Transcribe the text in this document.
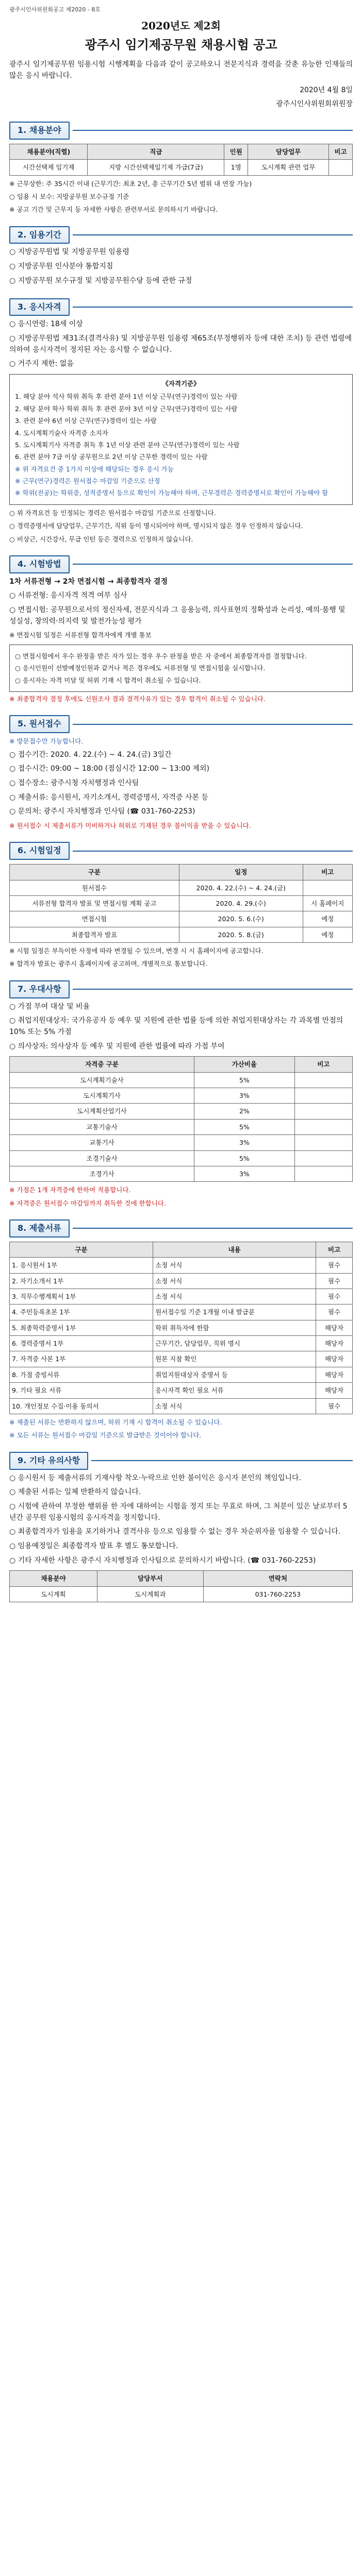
광주시인사위원회공고 제2020 - 8호
2020년도 제2회
광주시 임기제공무원 채용시험 공고
광주시 임기제공무원 임용시험 시행계획을 다음과 같이 공고하오니 전문지식과 경력을 갖춘 유능한 인재들의 많은 응시 바랍니다.
2020년 4월 8일
광주시인사위원회위원장
1. 채용분야
채용분야(직렬)	직급	인원	담당업무	비고
시간선택제 임기제	지방 시간선택제임기제 가급(7급)	1명	도시계획 관련 업무	

※ 근무상한: 주 35시간 이내 (근무기간: 최초 2년, 총 근무기간 5년 범위 내 연장 가능)

○ 임용 시 보수: 지방공무원 보수규정 기준

※ 공고 기간 및 근무지 등 자세한 사항은 관련부서로 문의하시기 바랍니다.

2. 임용기간

○ 지방공무원법 및 지방공무원 임용령

○ 지방공무원 인사분야 통합지침

○ 지방공무원 보수규정 및 지방공무원수당 등에 관한 규정

3. 응시자격

○ 응시연령: 18세 이상

○ 지방공무원법 제31조(결격사유) 및 지방공무원 임용령 제65조(부정행위자 등에 대한 조치) 등 관련 법령에 의하여 응시자격이 정지된 자는 응시할 수 없습니다.

○ 거주지 제한: 없음

《자격기준》

1. 해당 분야 석사 학위 취득 후 관련 분야 1년 이상 근무(연구)경력이 있는 사람

2. 해당 분야 학사 학위 취득 후 관련 분야 3년 이상 근무(연구)경력이 있는 사람

3. 관련 분야 6년 이상 근무(연구)경력이 있는 사람

4. 도시계획기술사 자격증 소지자

5. 도시계획기사 자격증 취득 후 1년 이상 관련 분야 근무(연구)경력이 있는 사람

6. 관련 분야 7급 이상 공무원으로 2년 이상 근무한 경력이 있는 사람

※ 위 자격요건 중 1가지 이상에 해당되는 경우 응시 가능

※ 근무(연구)경력은 원서접수 마감일 기준으로 산정

※ 학위(전공)는 학위증, 성적증명서 등으로 확인이 가능해야 하며, 근무경력은 경력증명서로 확인이 가능해야 함

○ 위 자격요건 등 인정되는 경력은 원서접수 마감일 기준으로 산정합니다.

○ 경력증명서에 담당업무, 근무기간, 직위 등이 명시되어야 하며, 명시되지 않은 경우 인정하지 않습니다.

○ 비상근, 시간강사, 무급 인턴 등은 경력으로 인정하지 않습니다.

4. 시험방법

1차 서류전형 → 2차 면접시험 → 최종합격자 결정

○ 서류전형: 응시자격 적격 여부 심사

○ 면접시험: 공무원으로서의 정신자세, 전문지식과 그 응용능력, 의사표현의 정확성과 논리성, 예의·품행 및 성실성, 창의력·의지력 및 발전가능성 평가

※ 면접시험 일정은 서류전형 합격자에게 개별 통보

○ 면접시험에서 우수 판정을 받은 자가 있는 경우 우수 판정을 받은 자 중에서 최종합격자를 결정합니다.

○ 응시인원이 선발예정인원과 같거나 적은 경우에도 서류전형 및 면접시험을 실시합니다.

○ 응시자는 자격 미달 및 허위 기재 시 합격이 취소될 수 있습니다.

※ 최종합격자 결정 후에도 신원조사 결과 결격사유가 있는 경우 합격이 취소될 수 있습니다.

5. 원서접수

※ 방문접수만 가능합니다.

○ 접수기간: 2020. 4. 22.(수) ~ 4. 24.(금) 3일간

○ 접수시간: 09:00 ~ 18:00 (점심시간 12:00 ~ 13:00 제외)

○ 접수장소: 광주시청 자치행정과 인사팀

○ 제출서류: 응시원서, 자기소개서, 경력증명서, 자격증 사본 등

○ 문의처: 광주시 자치행정과 인사팀 (☎ 031-760-2253)

※ 원서접수 시 제출서류가 미비하거나 허위로 기재된 경우 불이익을 받을 수 있습니다.

6. 시험일정
구분	일정	비고
원서접수	2020. 4. 22.(수) ~ 4. 24.(금)	
서류전형 합격자 발표 및 면접시험 계획 공고	2020. 4. 29.(수)	시 홈페이지
면접시험	2020. 5. 6.(수)	예정
최종합격자 발표	2020. 5. 8.(금)	예정

※ 시험 일정은 부득이한 사정에 따라 변경될 수 있으며, 변경 시 시 홈페이지에 공고합니다.

※ 합격자 발표는 광주시 홈페이지에 공고하며, 개별적으로 통보합니다.

7. 우대사항

○ 가점 부여 대상 및 비율

○ 취업지원대상자: 국가유공자 등 예우 및 지원에 관한 법률 등에 의한 취업지원대상자는 각 과목별 만점의 10% 또는 5% 가점

○ 의사상자: 의사상자 등 예우 및 지원에 관한 법률에 따라 가점 부여

자격증 구분	가산비율	비고
도시계획기술사	5%	
도시계획기사	3%	
도시계획산업기사	2%	
교통기술사	5%	
교통기사	3%	
조경기술사	5%	
조경기사	3%	

※ 가점은 1개 자격증에 한하여 적용합니다.

※ 자격증은 원서접수 마감일까지 취득한 것에 한합니다.

8. 제출서류
구분	내용	비고
1. 응시원서 1부	소정 서식	필수
2. 자기소개서 1부	소정 서식	필수
3. 직무수행계획서 1부	소정 서식	필수
4. 주민등록초본 1부	원서접수일 기준 1개월 이내 발급분	필수
5. 최종학력증명서 1부	학위 취득자에 한함	해당자
6. 경력증명서 1부	근무기간, 담당업무, 직위 명시	해당자
7. 자격증 사본 1부	원본 지참 확인	해당자
8. 가점 증빙서류	취업지원대상자 증명서 등	해당자
9. 기타 필요 서류	응시자격 확인 필요 서류	해당자
10. 개인정보 수집·이용 동의서	소정 서식	필수

※ 제출된 서류는 반환하지 않으며, 허위 기재 시 합격이 취소될 수 있습니다.

※ 모든 서류는 원서접수 마감일 기준으로 발급받은 것이어야 합니다.

9. 기타 유의사항

○ 응시원서 등 제출서류의 기재사항 착오·누락으로 인한 불이익은 응시자 본인의 책임입니다.

○ 제출된 서류는 일체 반환하지 않습니다.

○ 시험에 관하여 부정한 행위를 한 자에 대하여는 시험을 정지 또는 무효로 하며, 그 처분이 있은 날로부터 5년간 공무원 임용시험의 응시자격을 정지합니다.

○ 최종합격자가 임용을 포기하거나 결격사유 등으로 임용할 수 없는 경우 차순위자를 임용할 수 있습니다.

○ 임용예정일은 최종합격자 발표 후 별도 통보합니다.

○ 기타 자세한 사항은 광주시 자치행정과 인사팀으로 문의하시기 바랍니다. (☎ 031-760-2253)

채용분야	담당부서	연락처
도시계획	도시계획과	031-760-2253
